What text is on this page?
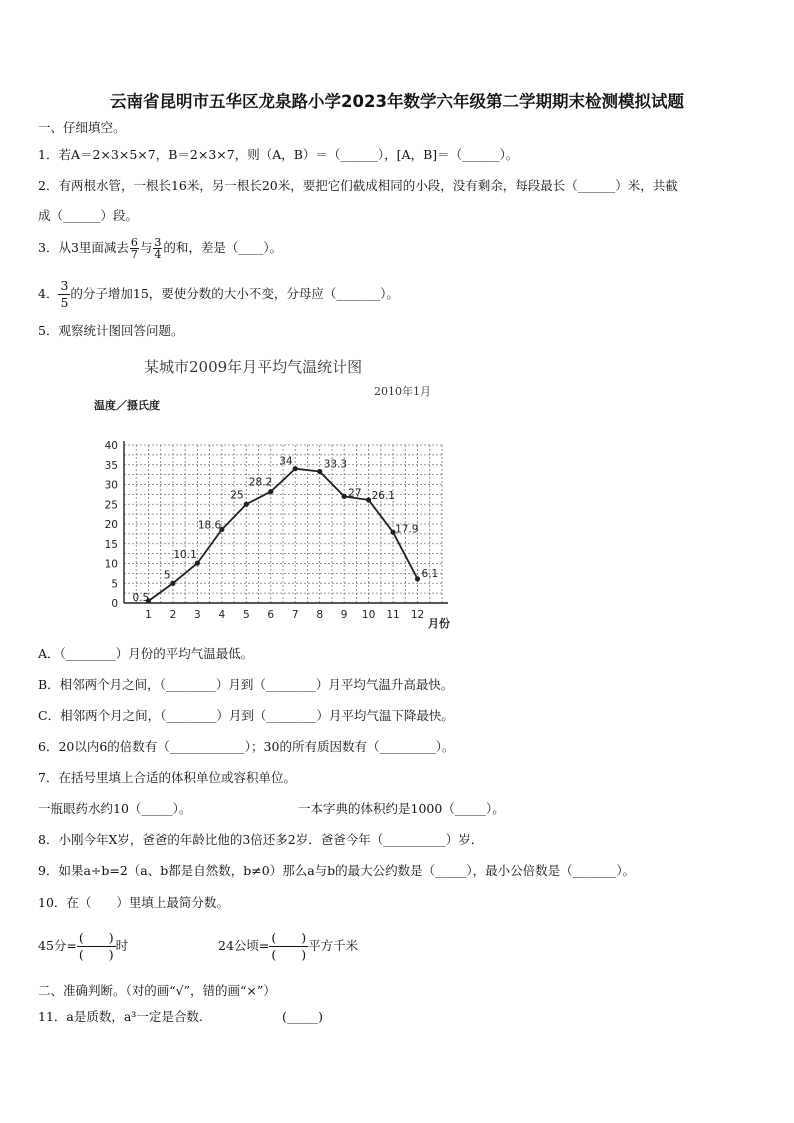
云南省昆明市五华区龙泉路小学2023年数学六年级第二学期期末检测模拟试题
一、仔细填空。
1．若A＝2×3×5×7，B＝2×3×7，则（A，B）＝（______），[A，B]＝（______）。
2．有两根水管，一根长16米，另一根长20米，要把它们截成相同的小段，没有剩余，每段最长（______）米，共截
成（______）段。
3．从3里面减去 $\frac{6}{7}$ 与 $\frac{3}{4}$ 的和，差是（____）。
4． $\frac{3}{5}$ 的分子增加15，要使分数的大小不变，分母应（_______）。
5．观察统计图回答问题。
某城市2009年月平均气温统计图
2010年1月
温度／摄氏度
月份
0
5
10
15
20
25
30
35
40
1 2 3 4 5 6 7 8 9 10 11 12
0.5
5
10.1
18.6
25
28.2
34	33.3
27 26.1
17.9
6.1
A．（________）月份的平均气温最低。
B．相邻两个月之间，（________）月到（________）月平均气温升高最快。
C．相邻两个月之间，（________）月到（________）月平均气温下降最快。
6．20以内6的倍数有（____________）；30的所有质因数有（_________）。
7．在括号里填上合适的体积单位或容积单位。
一瓶眼药水约10（_____）。	一本字典的体积约是1000（_____）。
8．小刚今年X岁，爸爸的年龄比他的3倍还多2岁．爸爸今年（__________）岁．
9．如果a÷b=2（a、b都是自然数，b≠0）那么a与b的最大公约数是（_____），最小公倍数是（_______）。
10．在（　　）里填上最简分数。
45分=
(　　)
(　　)
时	24公顷=
(　　)
(　　)
平方千米
二、准确判断。（对的画“√”，错的画“×”）
11．a是质数，a³一定是合数.	(_____)
